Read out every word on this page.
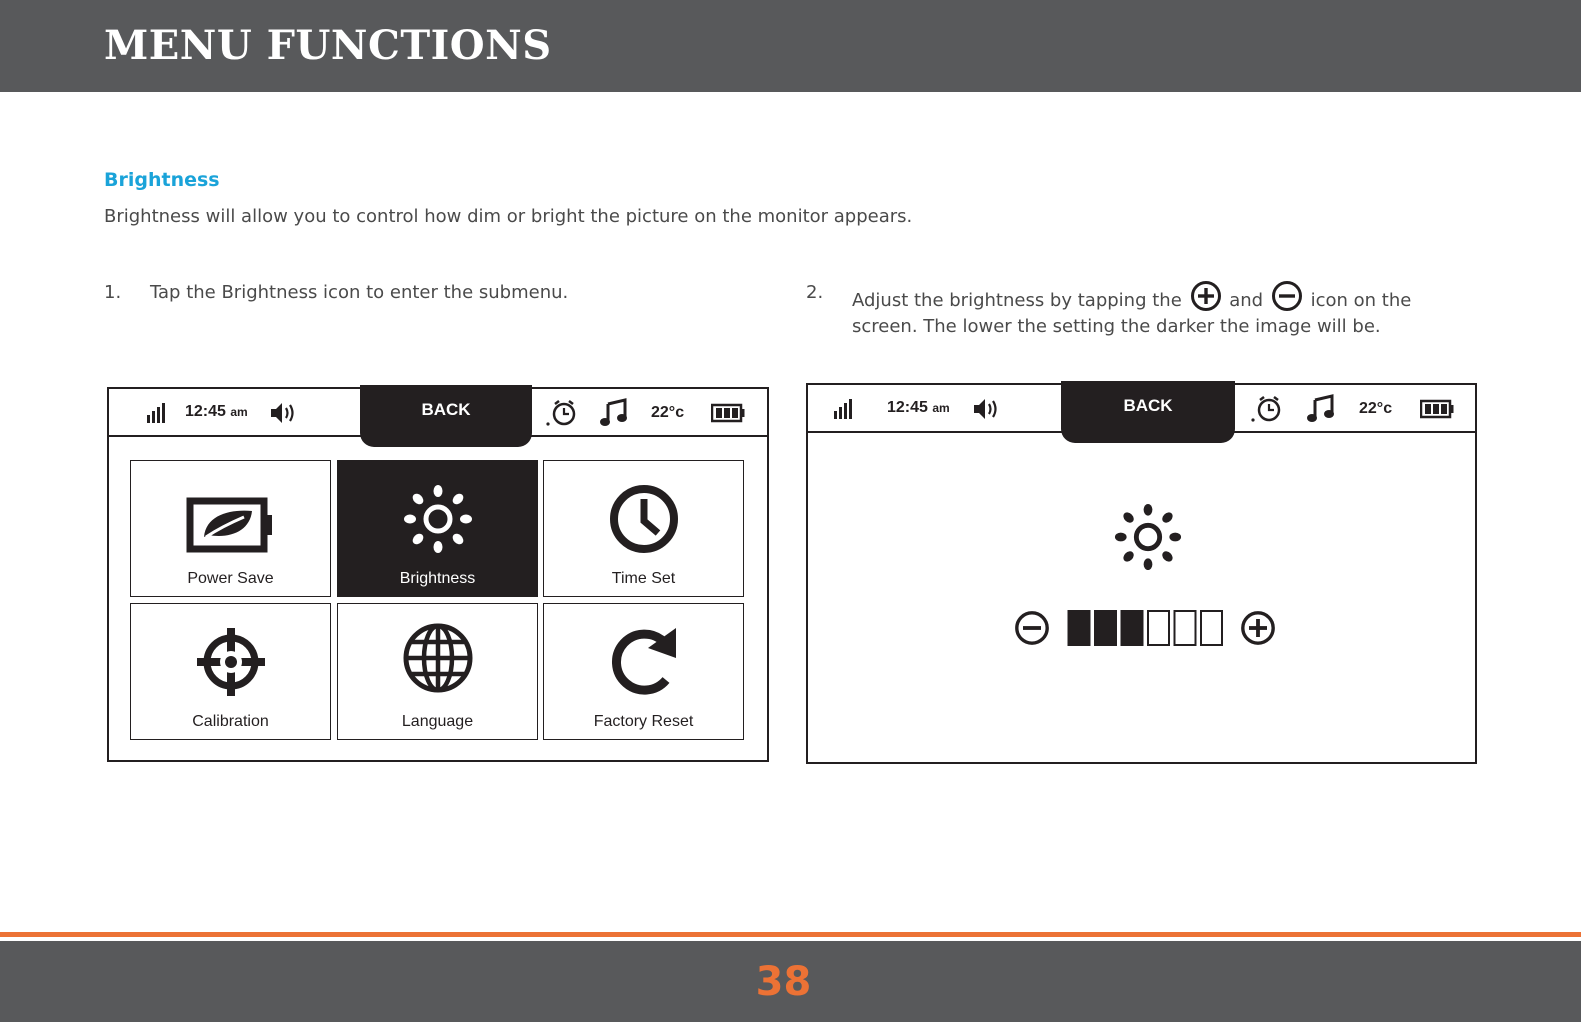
MENU FUNCTIONS
Brightness

Brightness will allow you to control how dim or bright the picture on the monitor appears.

1. Tap the Brightness icon to enter the submenu.	2. Adjust the brightness by tapping the	and	icon on the
screen. The lower the setting the darker the image will be.
12:45 am	BACK	22°c
Power Save	Brightness	Time Set
Calibration	Language	Factory Reset
12:45 am	BACK	22°c
38
